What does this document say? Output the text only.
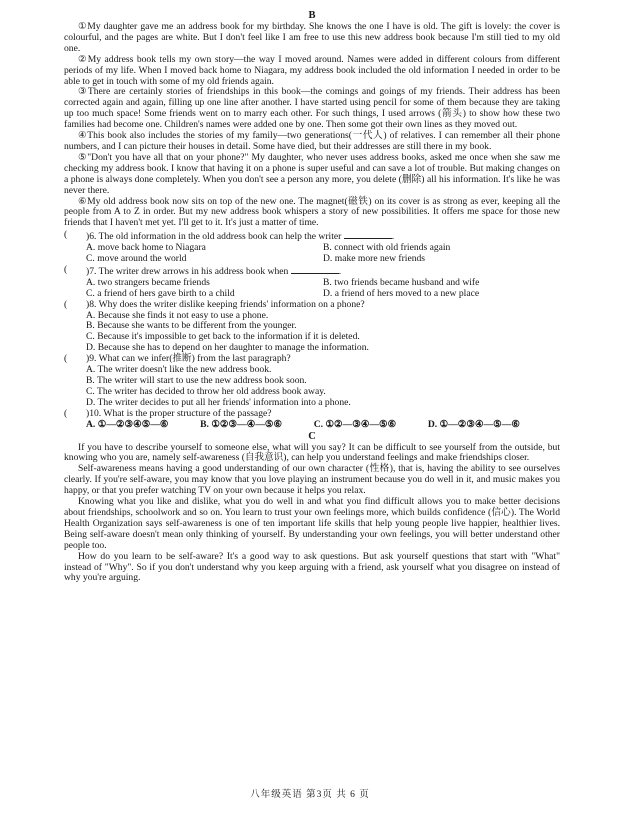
B

①My daughter gave me an address book for my birthday. She knows the one I have is old. The gift is lovely: the cover is colourful, and the pages are white. But I don't feel like I am free to use this new address book because I'm still tied to my old one.

②My address book tells my own story—the way I moved around. Names were added in different colours from different periods of my life. When I moved back home to Niagara, my address book included the old information I needed in order to be able to get in touch with some of my old friends again.

③There are certainly stories of friendships in this book—the comings and goings of my friends. Their address has been corrected again and again, filling up one line after another. I have started using pencil for some of them because they are taking up too much space! Some friends went on to marry each other. For such things, I used arrows (箭头) to show how these two families had become one. Children's names were added one by one. Then some got their own lines as they moved out.

④This book also includes the stories of my family—two generations(一代人) of relatives. I can remember all their phone numbers, and I can picture their houses in detail. Some have died, but their addresses are still there in my book.

⑤"Don't you have all that on your phone?" My daughter, who never uses address books, asked me once when she saw me checking my address book. I know that having it on a phone is super useful and can save a lot of trouble. But making changes on a phone is always done completely. When you don't see a person any more, you delete (删除) all his information. It's like he was never there.

⑥My old address book now sits on top of the new one. The magnet(磁铁) on its cover is as strong as ever, keeping all the people from A to Z in order. But my new address book whispers a story of new possibilities. It offers me space for those new friends that I haven't met yet. I'll get to it. It's just a matter of time.

(	)6. The old information in the old address book can help the writer	.
A. move back home to Niagara	B. connect with old friends again
C. move around the world	D. make more new friends
(	)7. The writer drew arrows in his address book when	.
A. two strangers became friends	B. two friends became husband and wife
C. a friend of hers gave birth to a child	D. a friend of hers moved to a new place
(	)8. Why does the writer dislike keeping friends' information on a phone?
A. Because she finds it not easy to use a phone.
B. Because she wants to be different from the younger.
C. Because it's impossible to get back to the information if it is deleted.
D. Because she has to depend on her daughter to manage the information.
(	)9. What can we infer(推断) from the last paragraph?
A. The writer doesn't like the new address book.
B. The writer will start to use the new address book soon.
C. The writer has decided to throw her old address book away.
D. The writer decides to put all her friends' information into a phone.
(	)10. What is the proper structure of the passage?
A. ①—②③④⑤—⑥	B. ①②③—④—⑤⑥	C. ①②—③④—⑤⑥	D. ①—②③④—⑤—⑥
C

If you have to describe yourself to someone else, what will you say? It can be difficult to see yourself from the outside, but knowing who you are, namely self-awareness (自我意识), can help you understand feelings and make friendships closer.

Self-awareness means having a good understanding of our own character (性格), that is, having the ability to see ourselves clearly. If you're self-aware, you may know that you love playing an instrument because you do well in it, and music makes you happy, or that you prefer watching TV on your own because it helps you relax.

Knowing what you like and dislike, what you do well in and what you find difficult allows you to make better decisions about friendships, schoolwork and so on. You learn to trust your own feelings more, which builds confidence (信心). The World Health Organization says self-awareness is one of ten important life skills that help young people live happier, healthier lives. Being self-aware doesn't mean only thinking of yourself. By understanding your own feelings, you will better understand other people too.

How do you learn to be self-aware? It's a good way to ask questions. But ask yourself questions that start with "What" instead of "Why". So if you don't understand why you keep arguing with a friend, ask yourself what you disagree on instead of why you're arguing.

八年级英语 第3页 共 6 页
